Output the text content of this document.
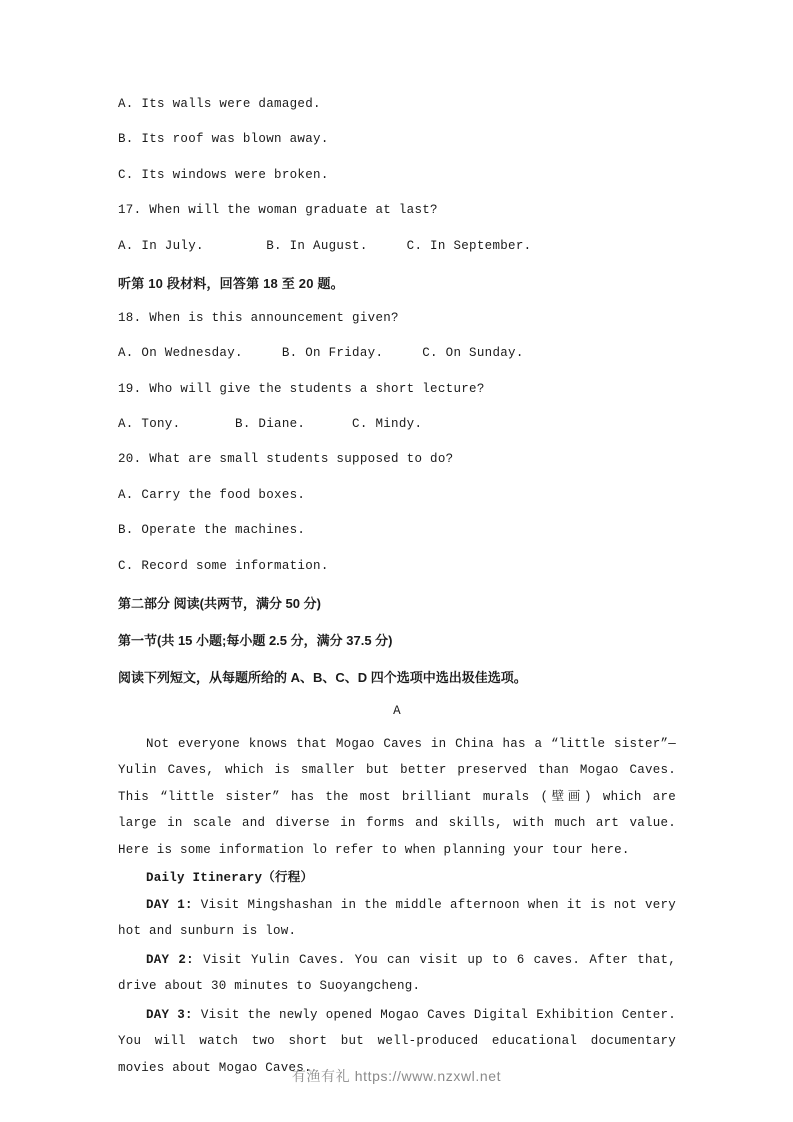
A. Its walls were damaged.

B. Its roof was blown away.

C. Its windows were broken.

17. When will the woman graduate at last?

A. In July.        B. In August.     C. In September.

听第 10 段材料，回答第 18 至 20 题。

18. When is this announcement given?

A. On Wednesday.     B. On Friday.     C. On Sunday.

19. Who will give the students a short lecture?

A. Tony.       B. Diane.      C. Mindy.

20. What are small students supposed to do?

A. Carry the food boxes.

B. Operate the machines.

C. Record some information.

第二部分 阅读(共两节，满分 50 分)

第一节(共 15 小题;每小题 2.5 分，满分 37.5 分)

阅读下列短文，从每题所给的 A、B、C、D 四个选项中选出圾佳选项。

A

Not everyone knows that Mogao Caves in China has a “little sister”—Yulin Caves, which is smaller but better preserved than Mogao Caves. This “little sister” has the most brilliant murals (壁画) which are large in scale and diverse in forms and skills, with much art value. Here is some information lo refer to when planning your tour here.

Daily Itinerary（行程）

DAY 1: Visit Mingshashan in the middle afternoon when it is not very hot and sunburn is low.

DAY 2: Visit Yulin Caves. You can visit up to 6 caves. After that, drive about 30 minutes to Suoyangcheng.

DAY 3: Visit the newly opened Mogao Caves Digital Exhibition Center. You will watch two short but well-produced educational documentary movies about Mogao Caves.

有渔有礼 https://www.nzxwl.net
